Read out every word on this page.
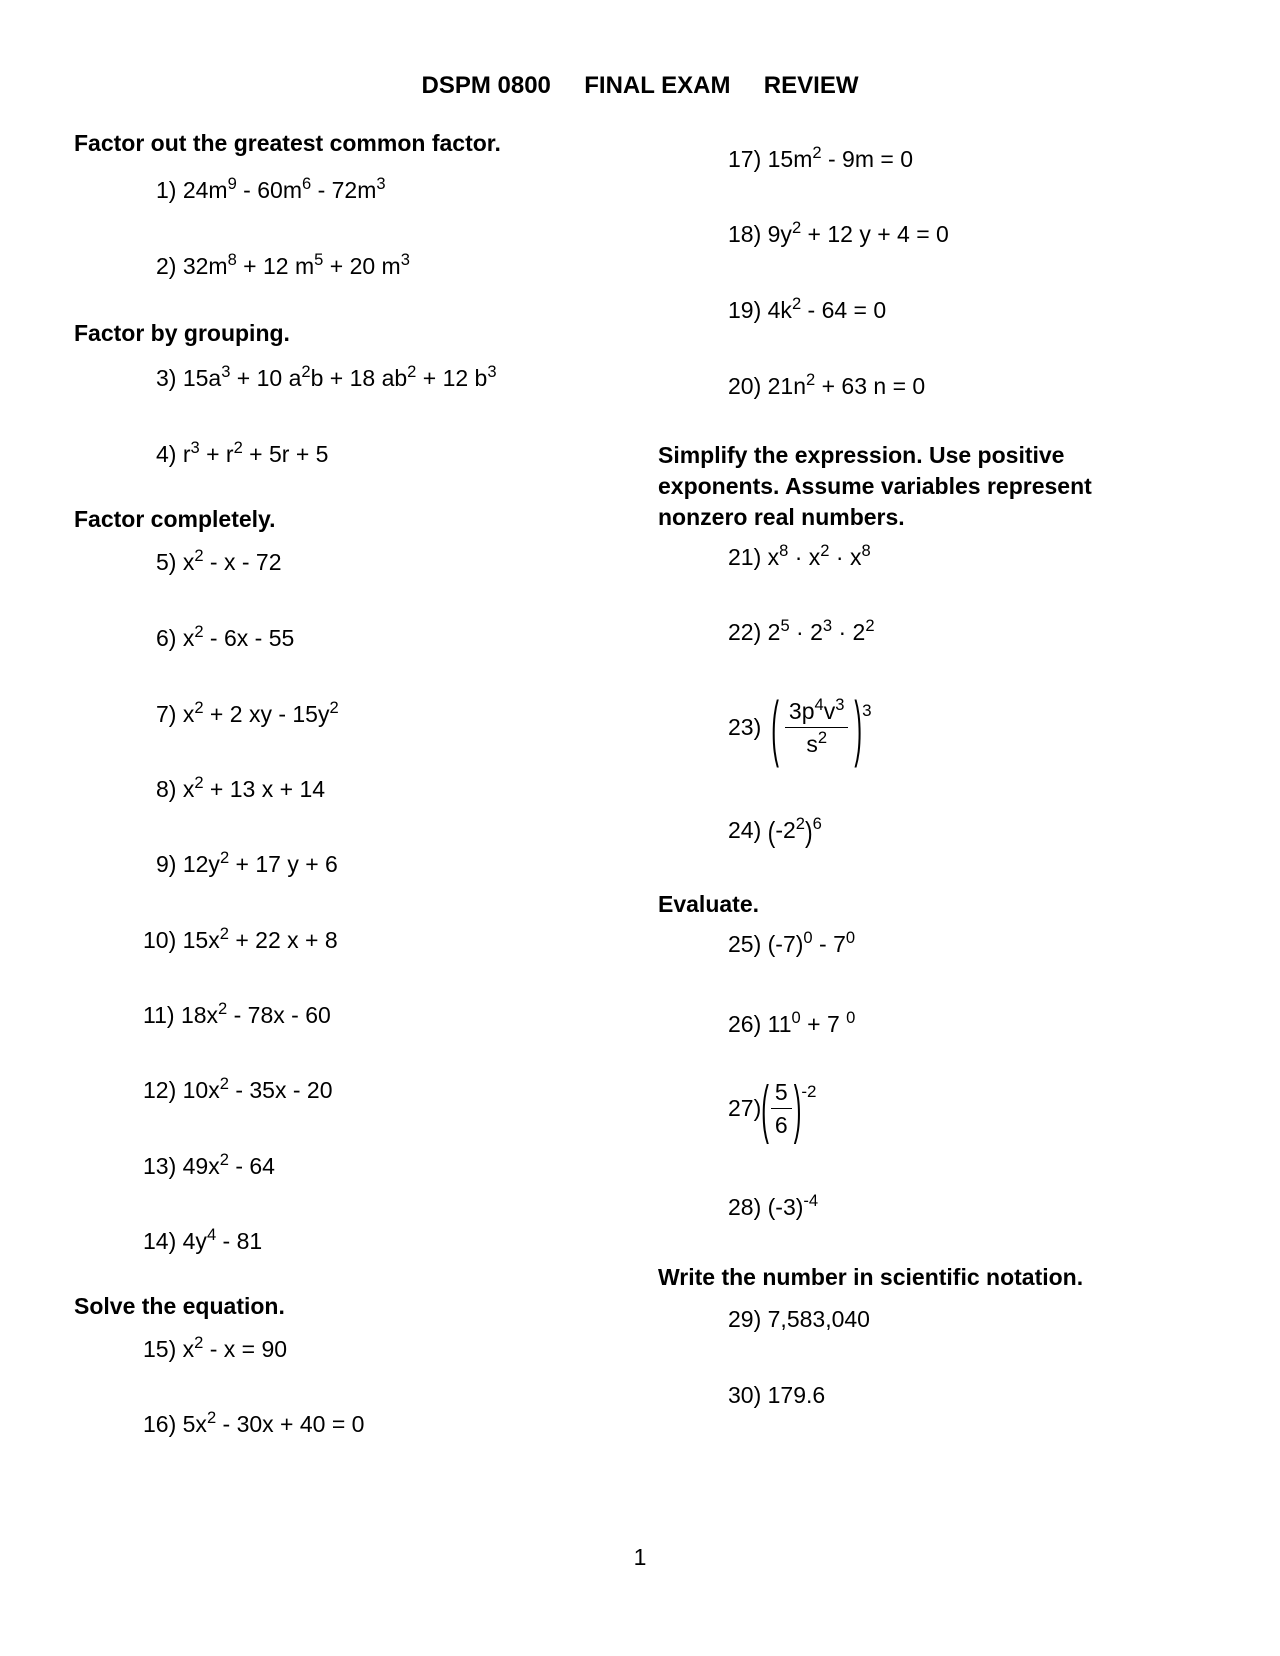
DSPM 0800     FINAL EXAM     REVIEW
Factor out the greatest common factor.
1) $24m^9 - 60m^6 - 72m^3$
2) $32m^8 + 12$ $m^5 + 20$ $m^3$
Factor by grouping.
3) $15a^3 + 10$ $a^2b + 18$ $ab^2 + 12$ $b^3$
4) $r^3 + r^2 + 5r + 5$
Factor completely.
5) $x^2$ - x - 72
6) $x^2 - 6x - 55$
7) $x^2 + 2$ xy - $15y^2$
8) $x^2 + 13$ x + 14
9) $12y^2 + 17$ y + 6
10) $15x^2 + 22$ x + 8
11) $18x^2 - 78x - 60$
12) $10x^2 - 35x - 20$
13) $49x^2 - 64$
14) $4y^4 - 81$
Solve the equation.
15) $x^2 - x = 90$
16) $5x^2 - 30x + 40 = 0$
17) $15m^2 - 9m = 0$
18) $9y^2 + 12$ y + 4 = 0
19) $4k^2 - 64 = 0$
20) $21n^2 + 63$ n = 0
Simplify the expression. Use positive
exponents. Assume variables represent
nonzero real numbers.
21) $x^8 \cdot x^2 \cdot x^8$
22) $2^5 \cdot 2^3 \cdot 2^2$
23) ( $\frac{3p^4v^3}{s^2}$ ) 3
24) $(-2^2)^6$
Evaluate.
25) $(-7)^0 - 7^0$
26) $11^0 + 7$ $^0$
27) ( $\frac{5}{6}$ ) -2
28) $(-3)^{-4}$
Write the number in scientific notation.
29) 7,583,040
30) 179.6
1
